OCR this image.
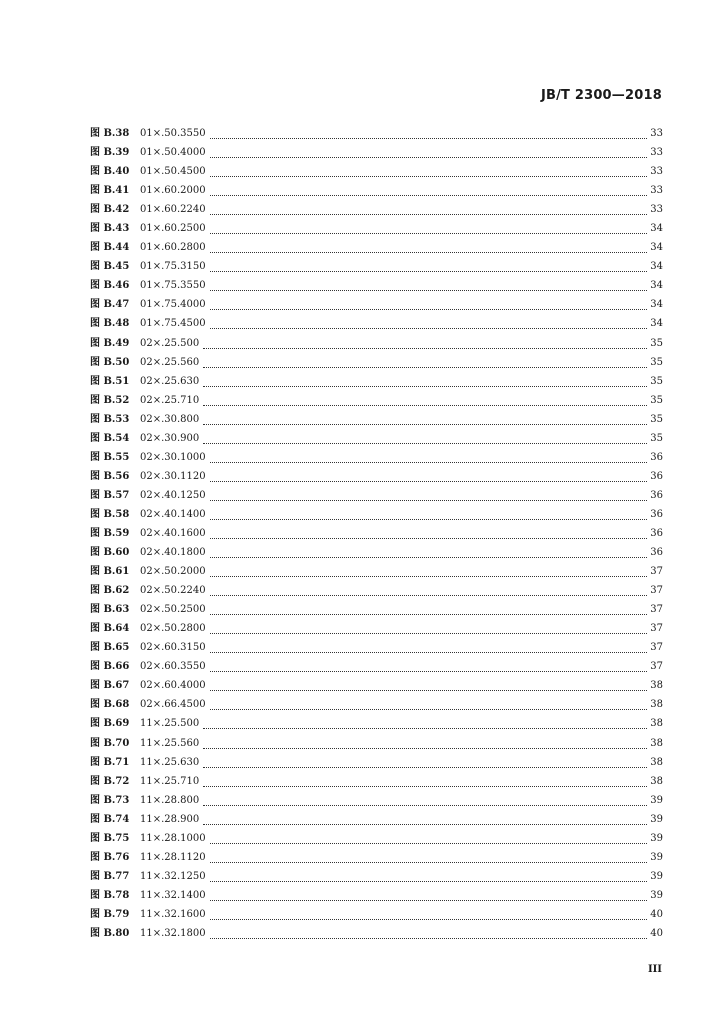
JB/T 2300—2018
图 B.38	01×.50.3550	33
图 B.39	01×.50.4000	33
图 B.40	01×.50.4500	33
图 B.41	01×.60.2000	33
图 B.42	01×.60.2240	33
图 B.43	01×.60.2500	34
图 B.44	01×.60.2800	34
图 B.45	01×.75.3150	34
图 B.46	01×.75.3550	34
图 B.47	01×.75.4000	34
图 B.48	01×.75.4500	34
图 B.49	02×.25.500	35
图 B.50	02×.25.560	35
图 B.51	02×.25.630	35
图 B.52	02×.25.710	35
图 B.53	02×.30.800	35
图 B.54	02×.30.900	35
图 B.55	02×.30.1000	36
图 B.56	02×.30.1120	36
图 B.57	02×.40.1250	36
图 B.58	02×.40.1400	36
图 B.59	02×.40.1600	36
图 B.60	02×.40.1800	36
图 B.61	02×.50.2000	37
图 B.62	02×.50.2240	37
图 B.63	02×.50.2500	37
图 B.64	02×.50.2800	37
图 B.65	02×.60.3150	37
图 B.66	02×.60.3550	37
图 B.67	02×.60.4000	38
图 B.68	02×.66.4500	38
图 B.69	11×.25.500	38
图 B.70	11×.25.560	38
图 B.71	11×.25.630	38
图 B.72	11×.25.710	38
图 B.73	11×.28.800	39
图 B.74	11×.28.900	39
图 B.75	11×.28.1000	39
图 B.76	11×.28.1120	39
图 B.77	11×.32.1250	39
图 B.78	11×.32.1400	39
图 B.79	11×.32.1600	40
图 B.80	11×.32.1800	40
III
